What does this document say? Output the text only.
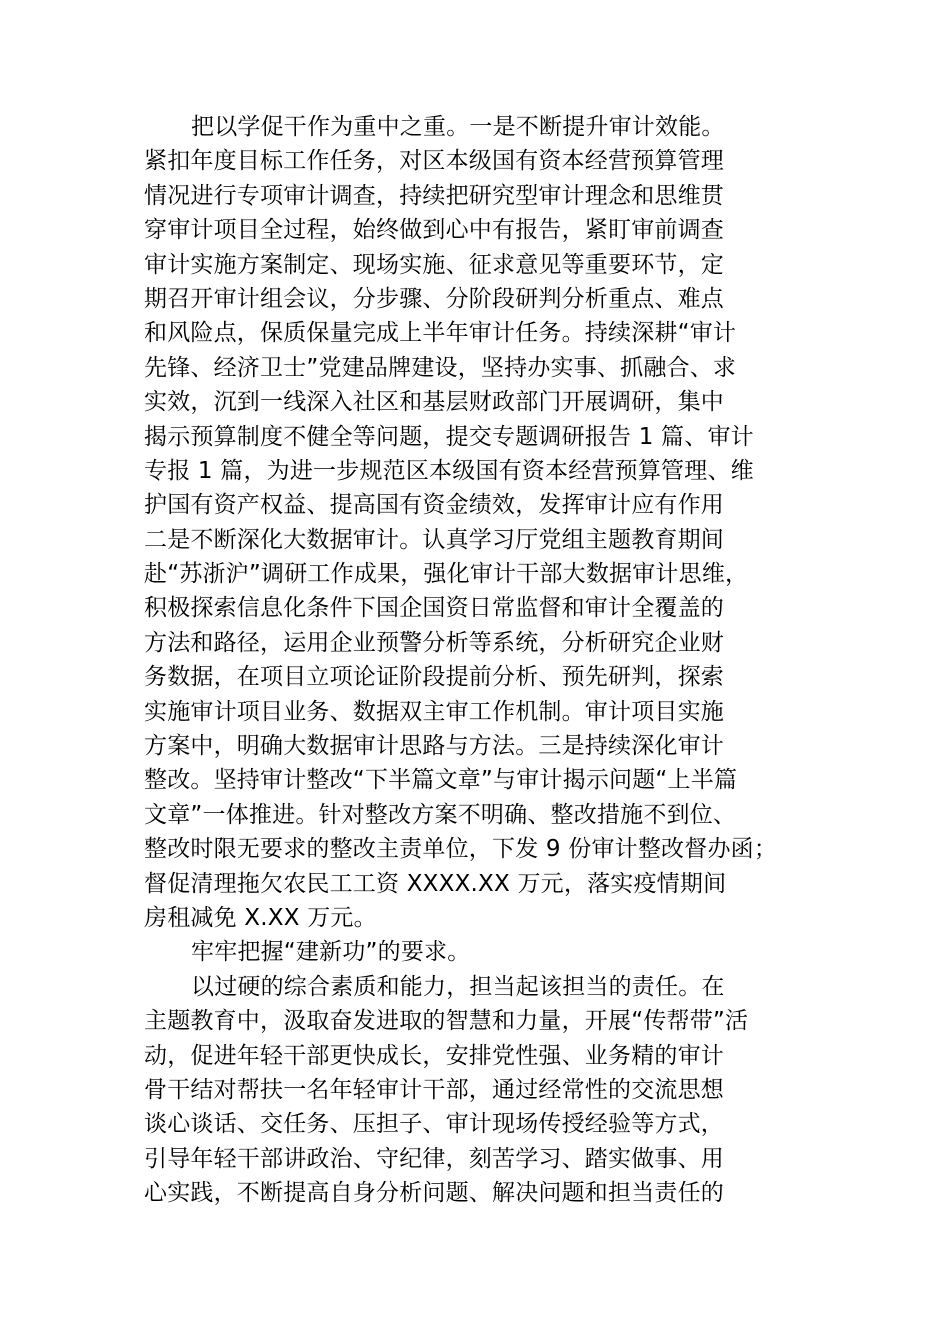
把以学促干作为重中之重。一是不断提升审计效能。
紧扣年度目标工作任务，对区本级国有资本经营预算管理
情况进行专项审计调查，持续把研究型审计理念和思维贯
穿审计项目全过程，始终做到心中有报告，紧盯审前调查
审计实施方案制定、现场实施、征求意见等重要环节，定
期召开审计组会议，分步骤、分阶段研判分析重点、难点
和风险点，保质保量完成上半年审计任务。持续深耕“审计
先锋、经济卫士”党建品牌建设，坚持办实事、抓融合、求
实效，沉到一线深入社区和基层财政部门开展调研，集中
揭示预算制度不健全等问题，提交专题调研报告 1 篇、审计
专报 1 篇，为进一步规范区本级国有资本经营预算管理、维
护国有资产权益、提高国有资金绩效，发挥审计应有作用
二是不断深化大数据审计。认真学习厅党组主题教育期间
赴“苏浙沪”调研工作成果，强化审计干部大数据审计思维，
积极探索信息化条件下国企国资日常监督和审计全覆盖的
方法和路径，运用企业预警分析等系统，分析研究企业财
务数据，在项目立项论证阶段提前分析、预先研判，探索
实施审计项目业务、数据双主审工作机制。审计项目实施
方案中，明确大数据审计思路与方法。三是持续深化审计
整改。坚持审计整改“下半篇文章”与审计揭示问题“上半篇
文章”一体推进。针对整改方案不明确、整改措施不到位、
整改时限无要求的整改主责单位，下发 9 份审计整改督办函；
督促清理拖欠农民工工资 XXXX.XX 万元，落实疫情期间
房租减免 X.XX 万元。
牢牢把握“建新功”的要求。
以过硬的综合素质和能力，担当起该担当的责任。在
主题教育中，汲取奋发进取的智慧和力量，开展“传帮带”活
动，促进年轻干部更快成长，安排党性强、业务精的审计
骨干结对帮扶一名年轻审计干部，通过经常性的交流思想
谈心谈话、交任务、压担子、审计现场传授经验等方式，
引导年轻干部讲政治、守纪律，刻苦学习、踏实做事、用
心实践，不断提高自身分析问题、解决问题和担当责任的
